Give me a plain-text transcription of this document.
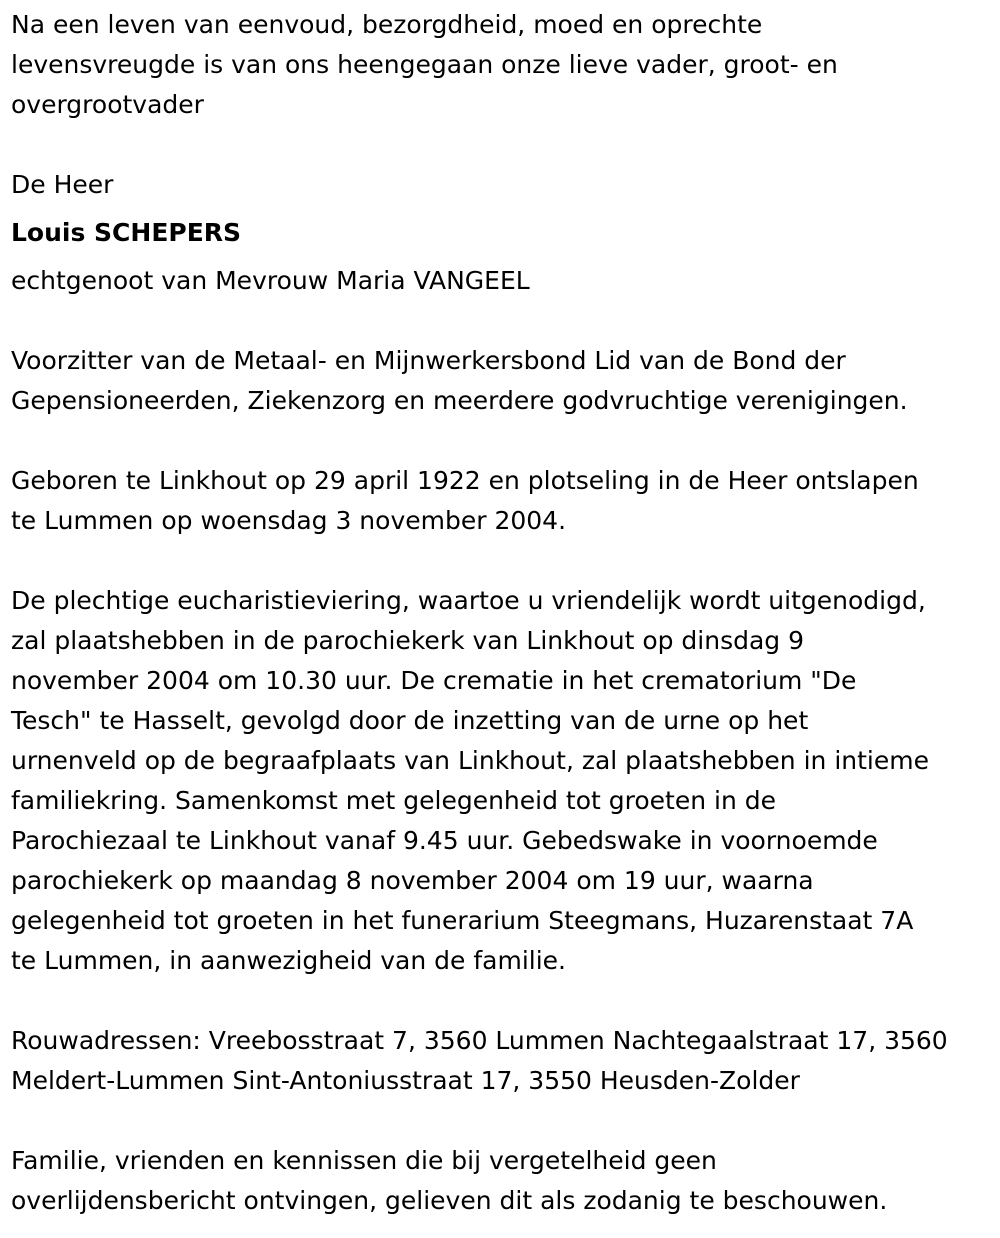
Na een leven van eenvoud, bezorgdheid, moed en oprechte
levensvreugde is van ons heengegaan onze lieve vader, groot- en
overgrootvader

De Heer

Louis SCHEPERS

echtgenoot van Mevrouw Maria VANGEEL

Voorzitter van de Metaal- en Mijnwerkersbond Lid van de Bond der
Gepensioneerden, Ziekenzorg en meerdere godvruchtige verenigingen.

Geboren te Linkhout op 29 april 1922 en plotseling in de Heer ontslapen
te Lummen op woensdag 3 november 2004.

De plechtige eucharistieviering, waartoe u vriendelijk wordt uitgenodigd,
zal plaatshebben in de parochiekerk van Linkhout op dinsdag 9
november 2004 om 10.30 uur. De crematie in het crematorium "De
Tesch" te Hasselt, gevolgd door de inzetting van de urne op het
urnenveld op de begraafplaats van Linkhout, zal plaatshebben in intieme
familiekring. Samenkomst met gelegenheid tot groeten in de
Parochiezaal te Linkhout vanaf 9.45 uur. Gebedswake in voornoemde
parochiekerk op maandag 8 november 2004 om 19 uur, waarna
gelegenheid tot groeten in het funerarium Steegmans, Huzarenstaat 7A
te Lummen, in aanwezigheid van de familie.

Rouwadressen: Vreebosstraat 7, 3560 Lummen Nachtegaalstraat 17, 3560
Meldert-Lummen Sint-Antoniusstraat 17, 3550 Heusden-Zolder

Familie, vrienden en kennissen die bij vergetelheid geen
overlijdensbericht ontvingen, gelieven dit als zodanig te beschouwen.
